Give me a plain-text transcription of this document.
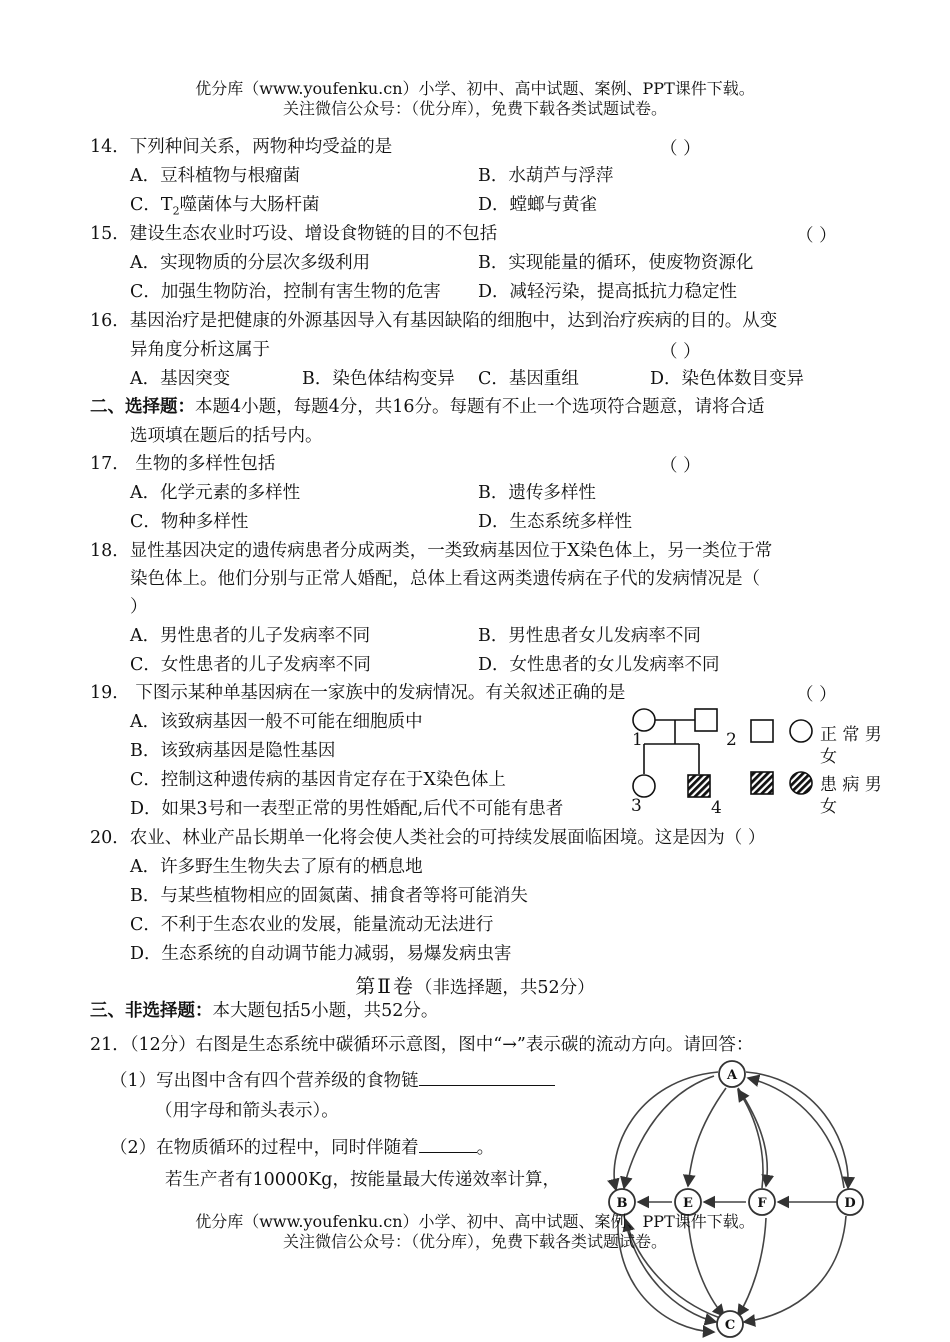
优分库（www.youfenku.cn）小学、初中、高中试题、案例、PPT课件下载。
关注微信公众号：（优分库），免费下载各类试题试卷。
14．下列种间关系，两物种均受益的是	（ ）
A．豆科植物与根瘤菌	B．水葫芦与浮萍
C．$T_2$噬菌体与大肠杆菌	D．螳螂与黄雀
15．建设生态农业时巧设、增设食物链的目的不包括	（ ）
A．实现物质的分层次多级利用	B．实现能量的循环，使废物资源化
C．加强生物防治，控制有害生物的危害 D．减轻污染，提高抵抗力稳定性
16．基因治疗是把健康的外源基因导入有基因缺陷的细胞中，达到治疗疾病的目的。从变
异角度分析这属于	（ ）
A．基因突变	B．染色体结构变异 C．基因重组	D．染色体数目变异
二、选择题：本题4小题，每题4分，共16分。每题有不止一个选项符合题意，请将合适
选项填在题后的括号内。
17． 生物的多样性包括	（ ）
A．化学元素的多样性	B．遗传多样性
C．物种多样性	D．生态系统多样性
18．显性基因决定的遗传病患者分成两类，一类致病基因位于X染色体上，另一类位于常
染色体上。他们分别与正常人婚配，总体上看这两类遗传病在子代的发病情况是（
）
A．男性患者的儿子发病率不同	B．男性患者女儿发病率不同
C．女性患者的儿子发病率不同	D．女性患者的女儿发病率不同
19． 下图示某种单基因病在一家族中的发病情况。有关叙述正确的是	（ ）
A．该致病基因一般不可能在细胞质中
B．该致病基因是隐性基因
C．控制这种遗传病的基因肯定存在于X染色体上
D．如果3号和一表型正常的男性婚配,后代不可能有患者
1	2
3	4
正 常 男
女
患 病 男
女
20．农业、林业产品长期单一化将会使人类社会的可持续发展面临困境。这是因为（ ）
A．许多野生生物失去了原有的栖息地
B．与某些植物相应的固氮菌、捕食者等将可能消失
C．不利于生态农业的发展，能量流动无法进行
D．生态系统的自动调节能力减弱，易爆发病虫害
第Ⅱ卷（非选择题，共52分）
三、非选择题：本大题包括5小题，共52分。
21．（12分）右图是生态系统中碳循环示意图，图中“→”表示碳的流动方向。请回答：
（1）写出图中含有四个营养级的食物链
（用字母和箭头表示）。
（2）在物质循环的过程中，同时伴随着	。
若生产者有10000Kg，按能量最大传递效率计算，
A
B	E	F	D
C
优分库（www.youfenku.cn）小学、初中、高中试题、案例、PPT课件下载。
关注微信公众号：（优分库），免费下载各类试题试卷。
